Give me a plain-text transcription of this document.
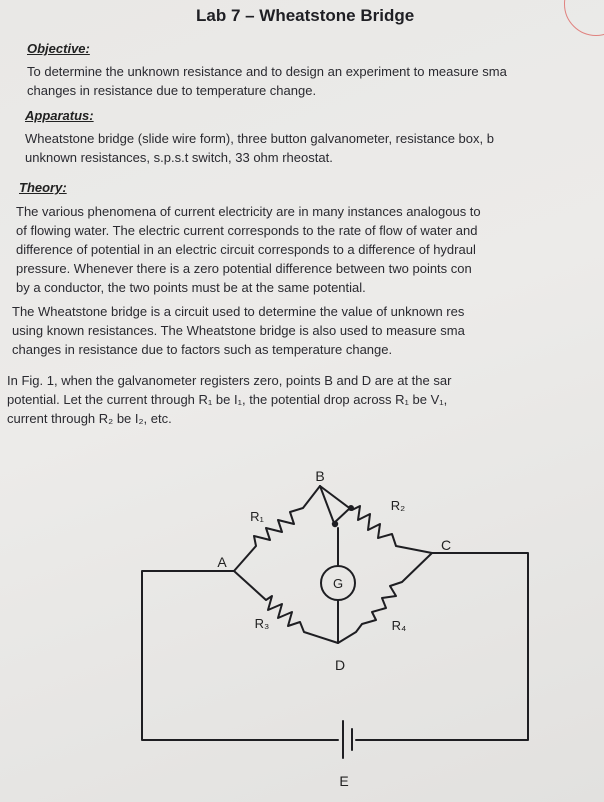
Lab 7 – Wheatstone Bridge
Objective:
To determine the unknown resistance and to design an experiment to measure sma
changes in resistance due to temperature change.
Apparatus:
Wheatstone bridge (slide wire form), three button galvanometer, resistance box, b
unknown resistances, s.p.s.t switch, 33 ohm rheostat.
Theory:
The various phenomena of current electricity are in many instances analogous to
of flowing water. The electric current corresponds to the rate of flow of water and
difference of potential in an electric circuit corresponds to a difference of hydraul
pressure. Whenever there is a zero potential difference between two points con
by a conductor, the two points must be at the same potential.
The Wheatstone bridge is a circuit used to determine the value of unknown res
using known resistances. The Wheatstone bridge is also used to measure sma
changes in resistance due to factors such as temperature change.
In Fig. 1, when the galvanometer registers zero, points B and D are at the sar
potential. Let the current through R₁ be I₁, the potential drop across R₁ be V₁,
current through R₂ be I₂, etc.
B
A
C
D
E
R₁
R₂
R₃	R₄
G
